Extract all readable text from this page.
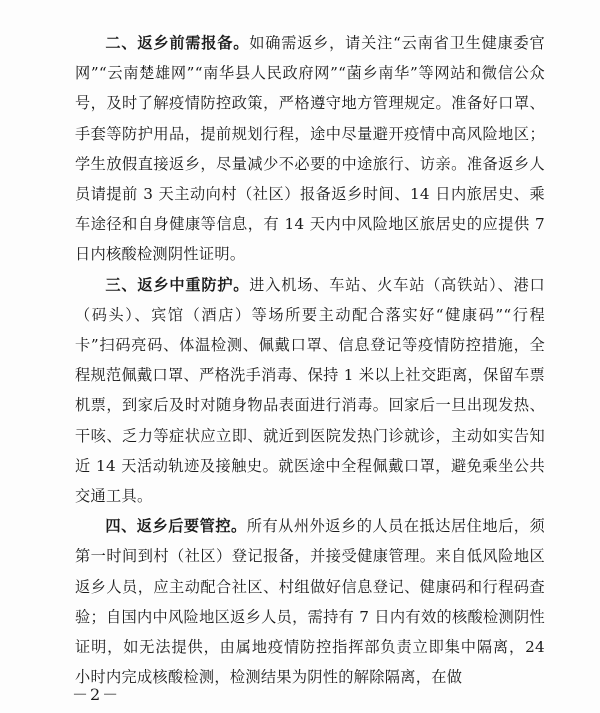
二、返乡前需报备。如确需返乡，请关注“云南省卫生健康委官网”“云南楚雄网”“南华县人民政府网”“菌乡南华”等网站和微信公众号，及时了解疫情防控政策，严格遵守地方管理规定。准备好口罩、手套等防护用品，提前规划行程，途中尽量避开疫情中高风险地区；学生放假直接返乡，尽量减少不必要的中途旅行、访亲。准备返乡人员请提前 3 天主动向村（社区）报备返乡时间、14 日内旅居史、乘车途径和自身健康等信息，有 14 天内中风险地区旅居史的应提供 7 日内核酸检测阴性证明。

三、返乡中重防护。进入机场、车站、火车站（高铁站）、港口（码头）、宾馆（酒店）等场所要主动配合落实好“健康码”“行程卡”扫码亮码、体温检测、佩戴口罩、信息登记等疫情防控措施，全程规范佩戴口罩、严格洗手消毒、保持 1 米以上社交距离，保留车票机票，到家后及时对随身物品表面进行消毒。回家后一旦出现发热、干咳、乏力等症状应立即、就近到医院发热门诊就诊，主动如实告知近 14 天活动轨迹及接触史。就医途中全程佩戴口罩，避免乘坐公共交通工具。

四、返乡后要管控。所有从州外返乡的人员在抵达居住地后，须第一时间到村（社区）登记报备，并接受健康管理。来自低风险地区返乡人员，应主动配合社区、村组做好信息登记、健康码和行程码查验；自国内中风险地区返乡人员，需持有 7 日内有效的核酸检测阴性证明，如无法提供，由属地疫情防控指挥部负责立即集中隔离，24 小时内完成核酸检测，检测结果为阴性的解除隔离，在做

－2－
